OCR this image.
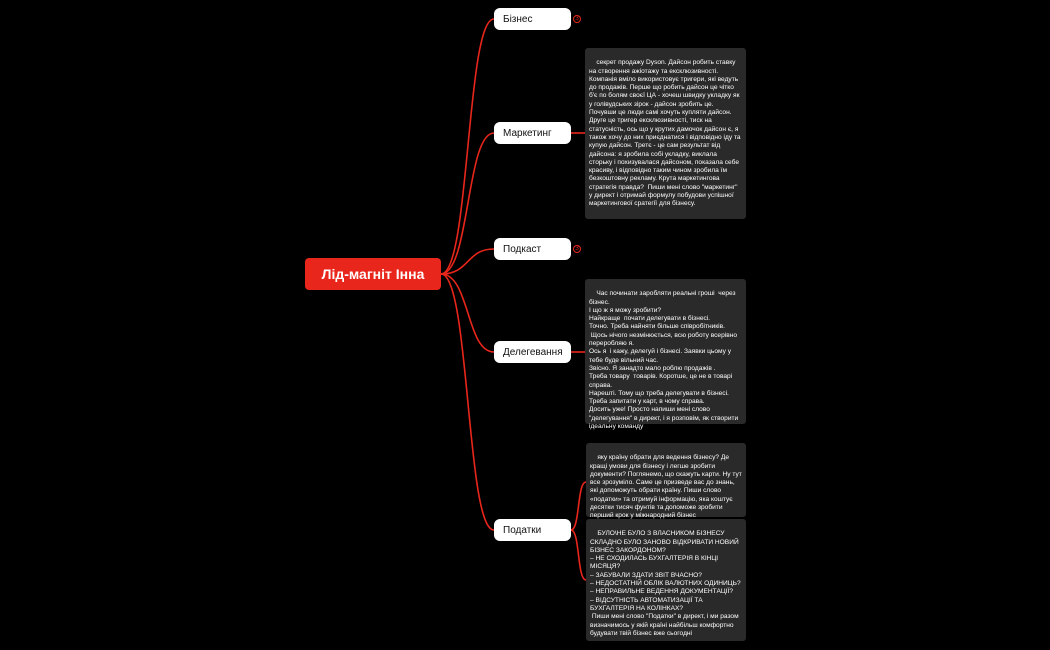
Лід-магніт Інна
Бізнес	3
Маркетинг
Подкаст	3
Делегевання
Податки

секрет продажу Dyson. Дайсон робить ставку на створення ажіотажу та ексклюзивності. Компанія вміло використовує тригери, які ведуть до продажів. Перше що робить дайсон це чітко б'є по болям своєї ЦА - хочеш швидку укладку як у голівудських зірок - дайсон зробить це. Почувши це люди самі хочуть купляти дайсон. Друге це тригер ексклюзивності, тиск на статусність, ось що у крутих дамочок дайсон є, я також хочу до них приєднатися і відповідно іду та купую дайсон. Третє - це сам результат від дайсона: я зробила собі укладку, виклала сторьку і похизувалася дайсоном, показала себе красиву, і відповідно таким чином зробила їм безкоштовну рекламу. Крута маркетингова стратегія правда?  Пиши мені слово "маркетинг" у директ і отримай формулу побудови успішної маркетингової сратегії для бізнесу.

Час починати заробляти реальні гроші  через бізнес.
І що ж я можу зробити?
Найкраще  почати делегувати в бізнесі.
Точно. Треба найняти більше співробітників.
Щось нічого незмінюється, всю роботу всерівно переробляю я.
Ось я  і кажу, делегуй і бізнесі. Заявки цьому у тебе буде вільний час.
Звісно. Я занадто мало роблю продажів .
Треба товару  товарів. Коротше, це не в товарі справа.
Нарешті. Тому що треба делегувати в бізнесі.
Треба запитати у карт, в чому справа.
Досить уже! Просто напиши мені слово "делегування" в директ, і я розповім, як створити ідеальну команду

яку країну обрати для ведення бізнесу? Де кращі умови для бізнесу і легше зробити документи? Поглянемо, що скажуть карти. Ну тут все зрозуміло. Саме це призведе вас до знань, які допоможуть обрати країну. Пиши слово «податки» та отримуй інформацію, яка коштує десятки тисяч фунтів та допоможе зробити перший крок у міжнародний бізнес

БУЛО\НЕ БУЛО З ВЛАСНИКОМ БІЗНЕСУ СКЛАДНО БУЛО ЗАНОВО ВІДКРИВАТИ НОВИЙ БІЗНЕС ЗАКОРДОНОМ?
– НЕ СХОДИЛАСЬ БУХГАЛТЕРІЯ В КІНЦІ МІСЯЦЯ?
– ЗАБУВАЛИ ЗДАТИ ЗВІТ ВЧАСНО?
– НЕДОСТАТНІЙ ОБЛІК ВАЛЮТНИХ ОДИНИЦЬ?
– НЕПРАВИЛЬНЕ ВЕДЕННЯ ДОКУМЕНТАЦІЇ?
– ВІДСУТНІСТЬ АВТОМАТИЗАЦІЇ ТА БУХГАЛТЕРІЯ НА КОЛІНКАХ?
Пиши мені слово "Податки" в директ, і ми разом визначимось у якій країні найбільш комфортно будувати твій бізнес вже сьогодні
